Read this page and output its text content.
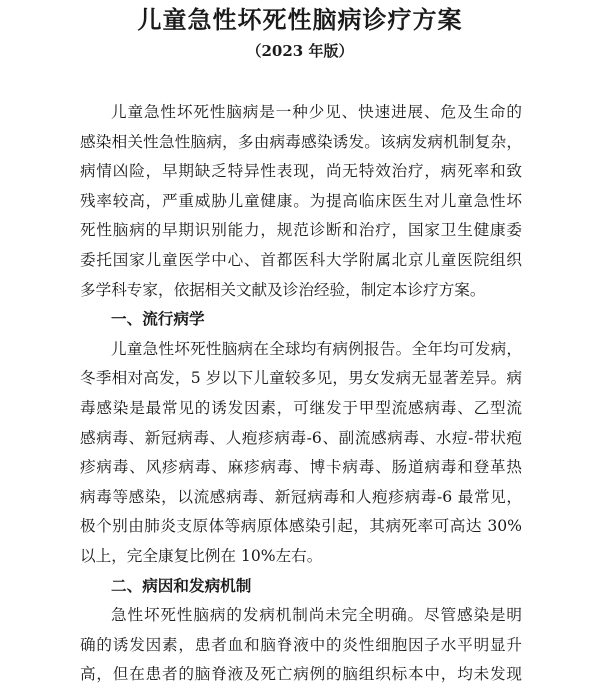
儿童急性坏死性脑病诊疗方案
（2023 年版）
儿童急性坏死性脑病是一种少见、快速进展、危及生命的
感染相关性急性脑病，多由病毒感染诱发。该病发病机制复杂，
病情凶险，早期缺乏特异性表现，尚无特效治疗，病死率和致
残率较高，严重威胁儿童健康。为提高临床医生对儿童急性坏
死性脑病的早期识别能力，规范诊断和治疗，国家卫生健康委
委托国家儿童医学中心、首都医科大学附属北京儿童医院组织
多学科专家，依据相关文献及诊治经验，制定本诊疗方案。
一、流行病学
儿童急性坏死性脑病在全球均有病例报告。全年均可发病，
冬季相对高发，5 岁以下儿童较多见，男女发病无显著差异。病
毒感染是最常见的诱发因素，可继发于甲型流感病毒、乙型流
感病毒、新冠病毒、人疱疹病毒-6、副流感病毒、水痘-带状疱
疹病毒、风疹病毒、麻疹病毒、博卡病毒、肠道病毒和登革热
病毒等感染，以流感病毒、新冠病毒和人疱疹病毒-6 最常见，
极个别由肺炎支原体等病原体感染引起，其病死率可高达 30%
以上，完全康复比例在 10%左右。
二、病因和发病机制
急性坏死性脑病的发病机制尚未完全明确。尽管感染是明
确的诱发因素，患者血和脑脊液中的炎性细胞因子水平明显升
高，但在患者的脑脊液及死亡病例的脑组织标本中，均未发现
